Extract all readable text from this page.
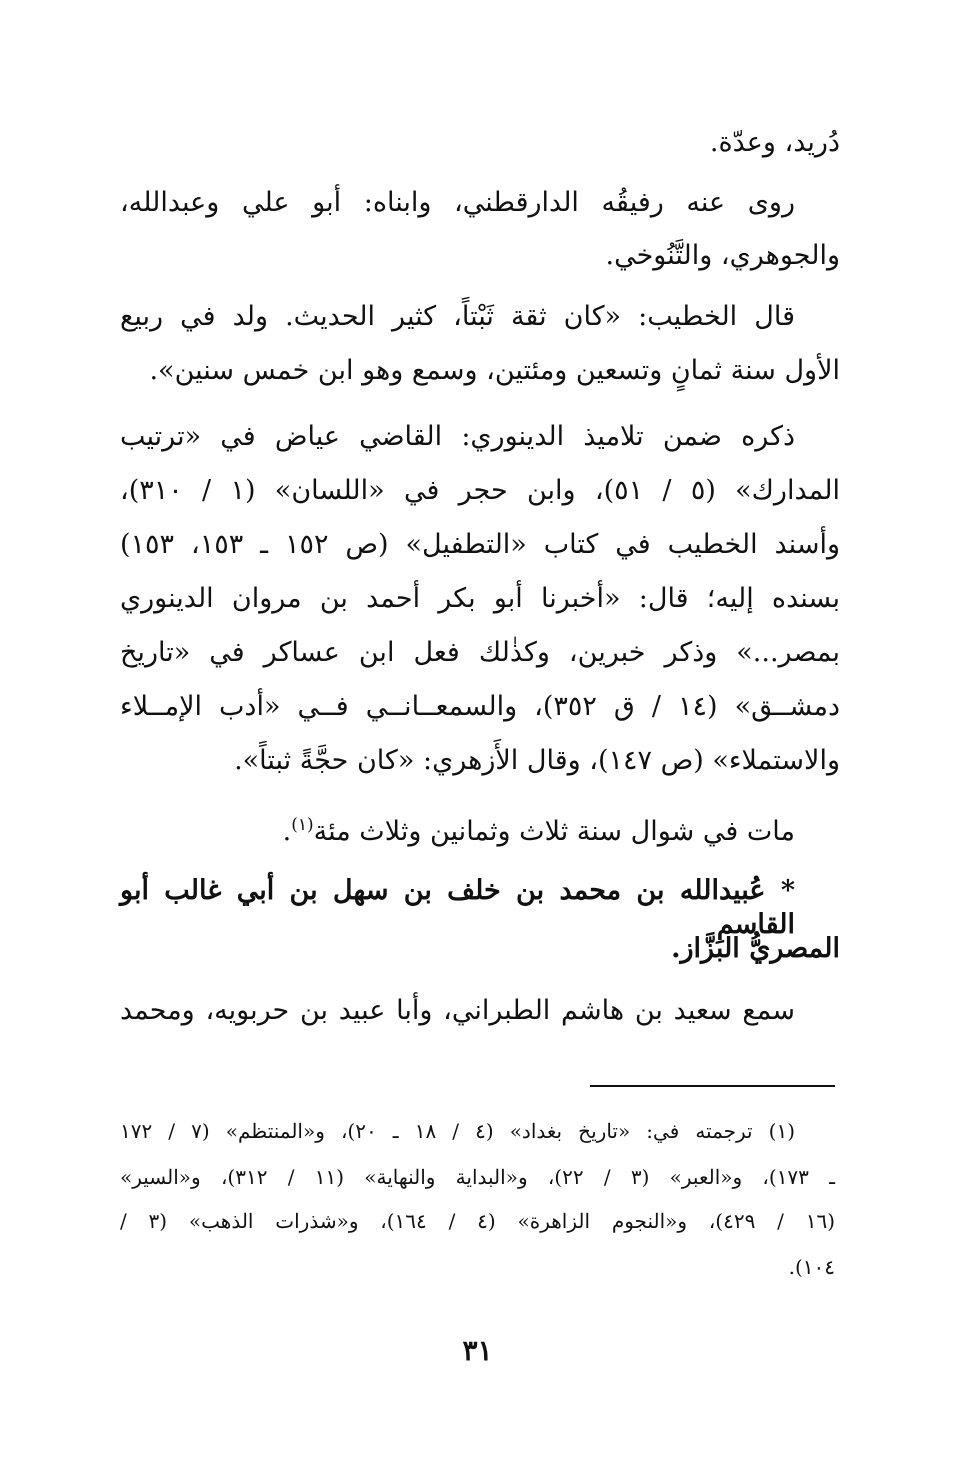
دُريد، وعدّة.
روى عنه رفيقُه الدارقطني، وابناه: أبو علي وعبدالله،
والجوهري، والتَّنُوخي.
قال الخطيب: «كان ثقة ثَبْتاً، كثير الحديث. ولد في ربيع
الأول سنة ثمانٍ وتسعين ومئتين، وسمع وهو ابن خمس سنين».
ذكره ضمن تلاميذ الدينوري: القاضي عياض في «ترتيب
المدارك» (٥ / ٥١)، وابن حجر في «اللسان» (١ / ٣١٠)،
وأسند الخطيب في كتاب «التطفيل» (ص ١٥٢ ـ ١٥٣، ١٥٣)
بسنده إليه؛ قال: «أخبرنا أبو بكر أحمد بن مروان الدينوري
بمصر...» وذكر خبرين، وكذٰلك فعل ابن عساكر في «تاريخ
دمشــق» (١٤ / ق ٣٥٢)، والسمعــانــي فــي «أدب الإمــلاء
والاستملاء» (ص ١٤٧)، وقال الأَزهري: «كان حجَّةً ثبتاً».
مات في شوال سنة ثلاث وثمانين وثلاث مئة$^{(١)}$.
* عُبيدالله بن محمد بن خلف بن سهل بن أبي غالب أبو القاسم
المصريُّ البَزَّاز.
سمع سعيد بن هاشم الطبراني، وأبا عبيد بن حربويه، ومحمد
(١) ترجمته في: «تاريخ بغداد» (٤ / ١٨ ـ ٢٠)، و«المنتظم» (٧ / ١٧٢
ـ ١٧٣)، و«العبر» (٣ / ٢٢)، و«البداية والنهاية» (١١ / ٣١٢)، و«السير»
(١٦ / ٤٢٩)، و«النجوم الزاهرة» (٤ / ١٦٤)، و«شذرات الذهب» (٣ /
١٠٤).
٣١
